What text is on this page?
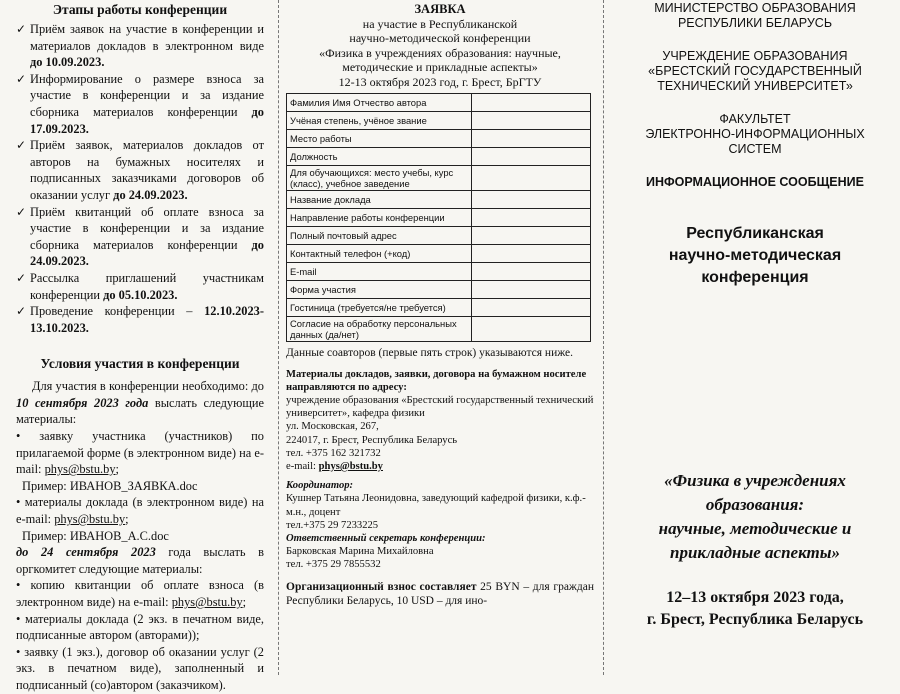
Этапы работы конференции
✓ Приём заявок на участие в конференции и материалов докладов в электронном виде до 10.09.2023.
✓ Информирование о размере взноса за участие в конференции и за издание сборника материалов конференции до 17.09.2023.
✓ Приём заявок, материалов докладов от авторов на бумажных носителях и подписанных заказчиками договоров об оказании услуг до 24.09.2023.
✓ Приём квитанций об оплате взноса за участие в конференции и за издание сборника материалов конференции до 24.09.2023.
✓ Рассылка приглашений участникам конференции до 05.10.2023.
✓ Проведение конференции – 12.10.2023-13.10.2023.
Условия участия в конференции

Для участия в конференции необходимо: до 10 сентября 2023 года выслать следующие материалы:

• заявку участника (участников) по прилагаемой форме (в электронном виде) на e-mail: phys@bstu.by;

Пример: ИВАНОВ_ЗАЯВКА.doc

• материалы доклада (в электронном виде) на e-mail: phys@bstu.by;

Пример: ИВАНОВ_А.С.doc

до 24 сентября 2023 года выслать в оргкомитет следующие материалы:

• копию квитанции об оплате взноса (в электронном виде) на e-mail: phys@bstu.by;

• материалы доклада (2 экз. в печатном виде, подписанные автором (авторами));

• заявку (1 экз.), договор об оказании услуг (2 экз. в печатном виде), заполненный и подписанный (со)автором (заказчиком).

ЗАЯВКА
на участие в Республиканской
научно-методической конференции
«Физика в учреждениях образования: научные, методические и прикладные аспекты»
12-13 октября 2023 год, г. Брест, БрГТУ
Фамилия Имя Отчество автора	
Учёная степень, учёное звание	
Место работы	
Должность	
Для обучающихся: место учебы, курс (класс), учебное заведение	
Название доклада	
Направление работы конференции	
Полный почтовый адрес	
Контактный телефон (+код)	
E-mail	
Форма участия	
Гостиница (требуется/не требуется)	
Согласие на обработку персональных данных (да/нет)	

Данные соавторов (первые пять строк) указываются ниже.

Материалы докладов, заявки, договора на бумажном носителе направляются по адресу:

учреждение образования «Брестский государственный технический университет», кафедра физики

ул. Московская, 267,

224017, г. Брест, Республика Беларусь

тел. +375 162 321732

e-mail: phys@bstu.by

Координатор:

Кушнер Татьяна Леонидовна, заведующий кафедрой физики, к.ф.-м.н., доцент

тел.+375 29 7233225

Ответственный секретарь конференции:

Барковская Марина Михайловна

тел. +375 29 7855532

Организационный взнос составляет 25 BYN – для граждан Республики Беларусь, 10 USD – для ино-

МИНИСТЕРСТВО ОБРАЗОВАНИЯ
РЕСПУБЛИКИ БЕЛАРУСЬ
УЧРЕЖДЕНИЕ ОБРАЗОВАНИЯ
«БРЕСТСКИЙ ГОСУДАРСТВЕННЫЙ
ТЕХНИЧЕСКИЙ УНИВЕРСИТЕТ»
ФАКУЛЬТЕТ
ЭЛЕКТРОННО-ИНФОРМАЦИОННЫХ
СИСТЕМ
ИНФОРМАЦИОННОЕ СООБЩЕНИЕ
Республиканская
научно-методическая
конференция
«Физика в учреждениях
образования:
научные, методические и
прикладные аспекты»
12–13 октября 2023 года,
г. Брест, Республика Беларусь
